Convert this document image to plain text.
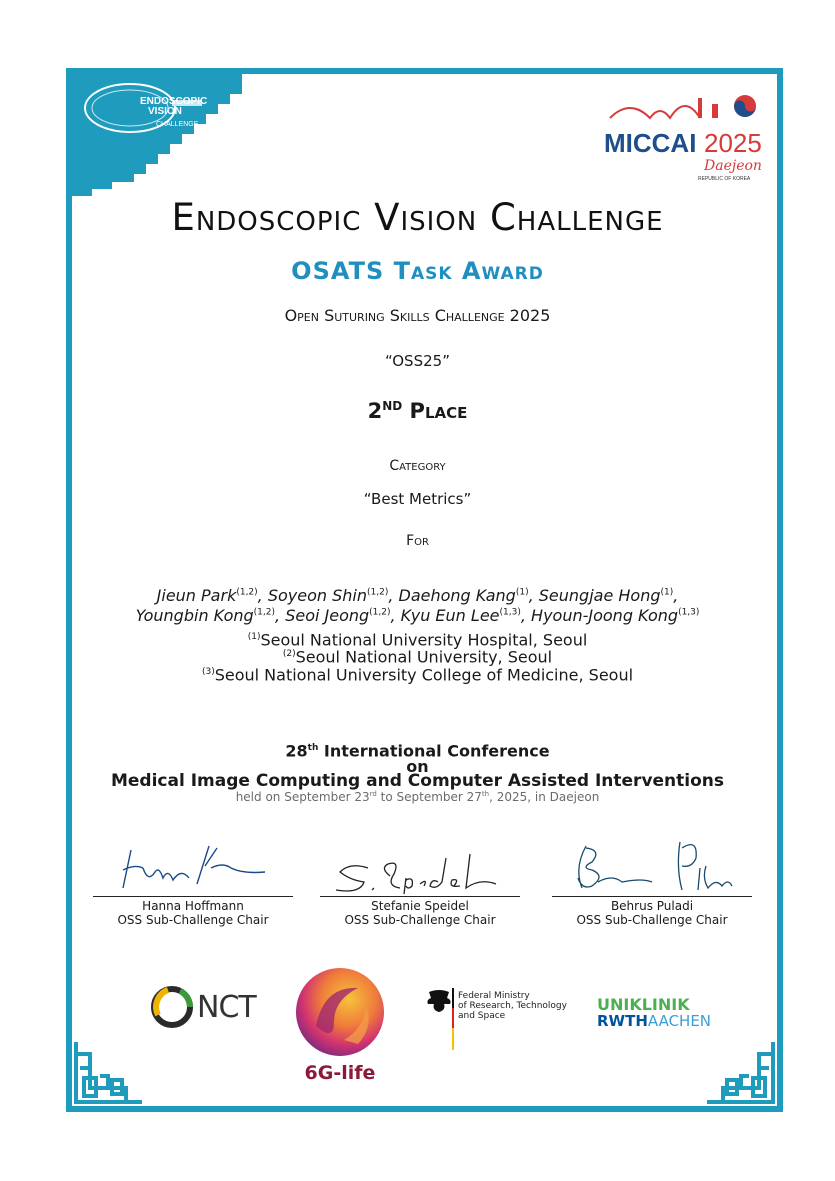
ENDOSCOPIC
VISION
CHALLENGE
MICCAI 2025
Daejeon
REPUBLIC OF KOREA
Endoscopic Vision Challenge
OSATS Task Award
Open Suturing Skills Challenge 2025
“OSS25”
2ND Place
Category
“Best Metrics”
For
Jieun Park$^{(1,2)}$, Soyeon Shin$^{(1,2)}$, Daehong Kang$^{(1)}$, Seungjae Hong$^{(1)}$,
Youngbin Kong$^{(1,2)}$, Seoi Jeong$^{(1,2)}$, Kyu Eun Lee$^{(1,3)}$, Hyoun-Joong Kong$^{(1,3)}$
$^{(1)}$Seoul National University Hospital, Seoul
$^{(2)}$Seoul National University, Seoul
$^{(3)}$Seoul National University College of Medicine, Seoul
28th International Conference
on
Medical Image Computing and Computer Assisted Interventions
held on September 23rd to September 27th, 2025, in Daejeon
Hanna Hoffmann
OSS Sub-Challenge Chair
Stefanie Speidel
OSS Sub-Challenge Chair
Behrus Puladi
OSS Sub-Challenge Chair
NCT
6G-life
Federal Ministry
of Research, Technology
and Space
UNIKLINIK
RWTHAACHEN
